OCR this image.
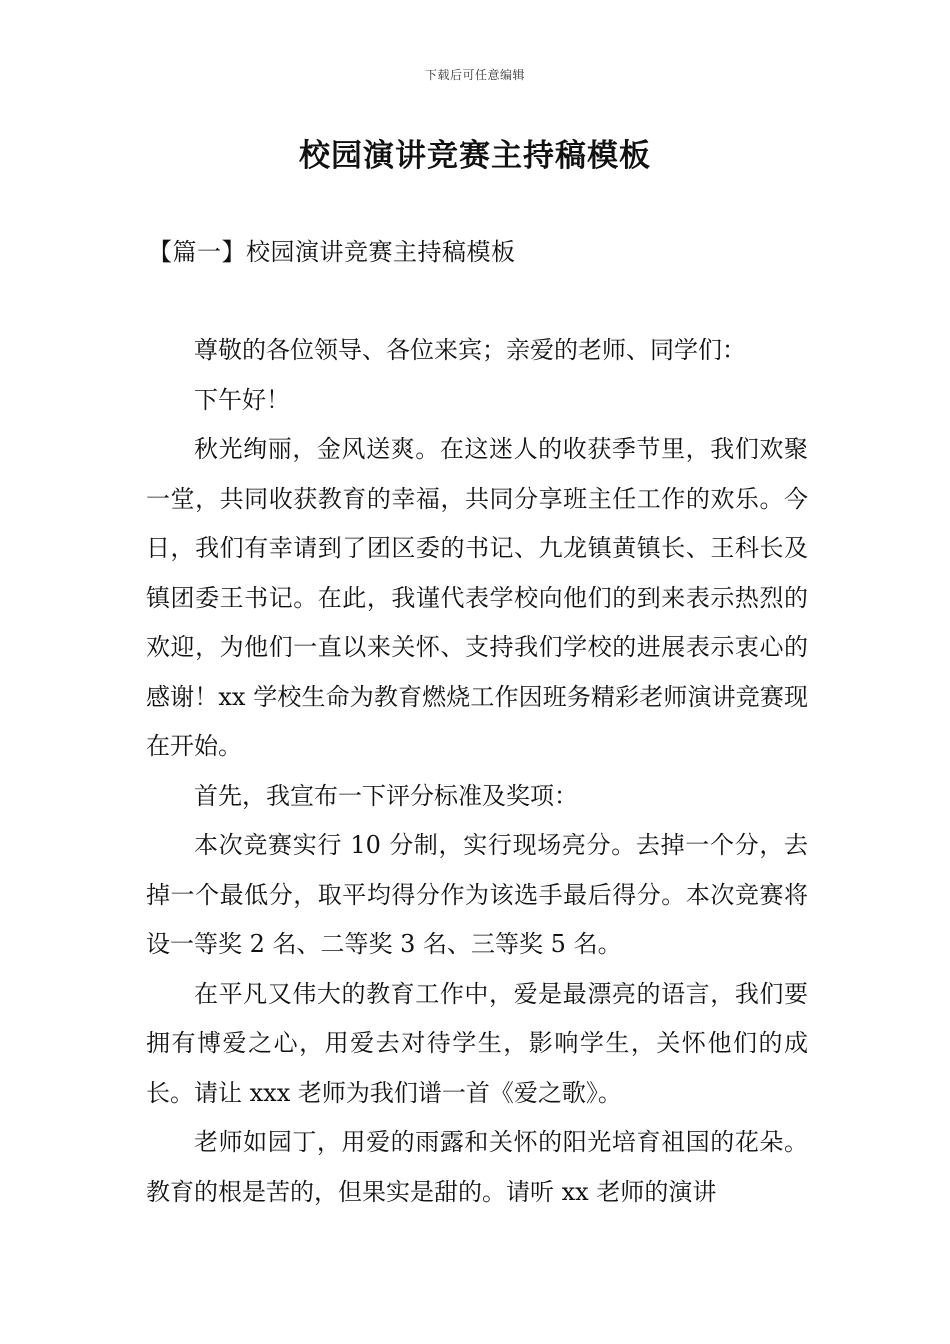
下载后可任意编辑
校园演讲竞赛主持稿模板
【篇一】校园演讲竞赛主持稿模板

尊敬的各位领导、各位来宾；亲爱的老师、同学们：

下午好！

秋光绚丽，金风送爽。在这迷人的收获季节里，我们欢聚一堂，共同收获教育的幸福，共同分享班主任工作的欢乐。今日，我们有幸请到了团区委的书记、九龙镇黄镇长、王科长及镇团委王书记。在此，我谨代表学校向他们的到来表示热烈的欢迎，为他们一直以来关怀、支持我们学校的进展表示衷心的感谢！xx 学校生命为教育燃烧工作因班务精彩老师演讲竞赛现在开始。

首先，我宣布一下评分标准及奖项：

本次竞赛实行 10 分制，实行现场亮分。去掉一个分，去掉一个最低分，取平均得分作为该选手最后得分。本次竞赛将设一等奖 2 名、二等奖 3 名、三等奖 5 名。

在平凡又伟大的教育工作中，爱是最漂亮的语言，我们要拥有博爱之心，用爱去对待学生，影响学生，关怀他们的成长。请让 xxx 老师为我们谱一首《爱之歌》。

老师如园丁，用爱的雨露和关怀的阳光培育祖国的花朵。教育的根是苦的，但果实是甜的。请听 xx 老师的演讲
